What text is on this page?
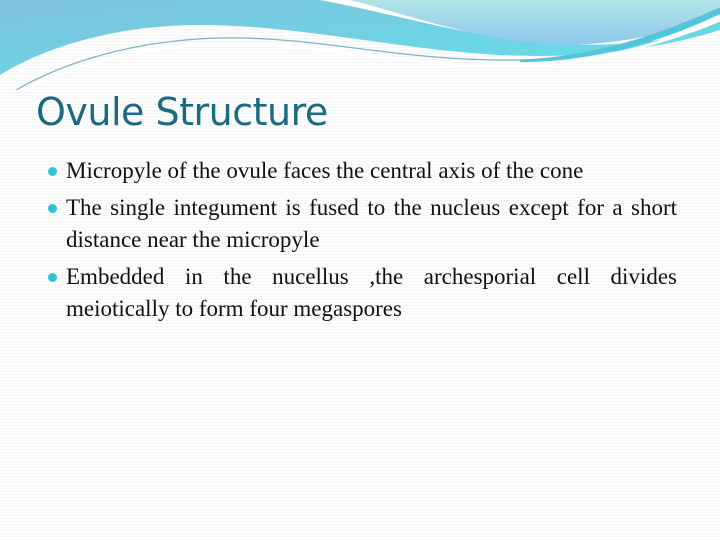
Ovule Structure
Micropyle of the ovule faces the central axis of the cone
The single integument is fused to the nucleus except for a short distance near the micropyle
Embedded in the nucellus ,the archesporial cell divides meiotically to form four megaspores
